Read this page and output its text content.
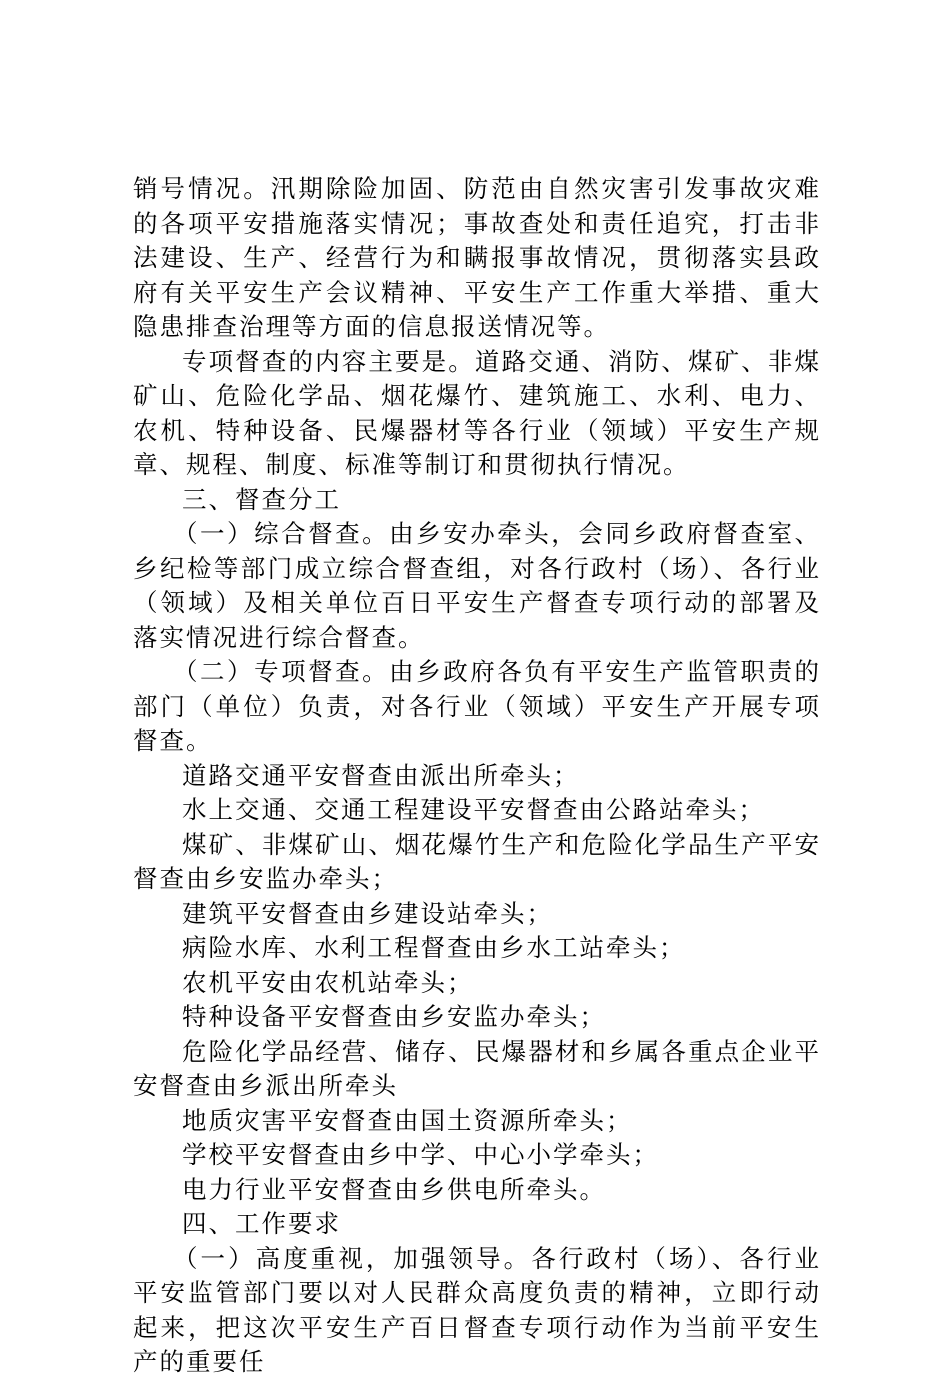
销号情况。汛期除险加固、防范由自然灾害引发事故灾难的各项平安措施落实情况；事故查处和责任追究，打击非法建设、生产、经营行为和瞒报事故情况，贯彻落实县政府有关平安生产会议精神、平安生产工作重大举措、重大隐患排查治理等方面的信息报送情况等。

专项督查的内容主要是。道路交通、消防、煤矿、非煤矿山、危险化学品、烟花爆竹、建筑施工、水利、电力、农机、特种设备、民爆器材等各行业（领域）平安生产规章、规程、制度、标准等制订和贯彻执行情况。

三、督查分工

（一）综合督查。由乡安办牵头，会同乡政府督查室、乡纪检等部门成立综合督查组，对各行政村（场）、各行业（领域）及相关单位百日平安生产督查专项行动的部署及落实情况进行综合督查。

（二）专项督查。由乡政府各负有平安生产监管职责的部门（单位）负责，对各行业（领域）平安生产开展专项督查。

道路交通平安督查由派出所牵头；

水上交通、交通工程建设平安督查由公路站牵头；

煤矿、非煤矿山、烟花爆竹生产和危险化学品生产平安督查由乡安监办牵头；

建筑平安督查由乡建设站牵头；

病险水库、水利工程督查由乡水工站牵头；

农机平安由农机站牵头；

特种设备平安督查由乡安监办牵头；

危险化学品经营、储存、民爆器材和乡属各重点企业平安督查由乡派出所牵头

地质灾害平安督查由国土资源所牵头；

学校平安督查由乡中学、中心小学牵头；

电力行业平安督查由乡供电所牵头。

四、工作要求

（一）高度重视，加强领导。各行政村（场）、各行业平安监管部门要以对人民群众高度负责的精神，立即行动起来，把这次平安生产百日督查专项行动作为当前平安生产的重要任
